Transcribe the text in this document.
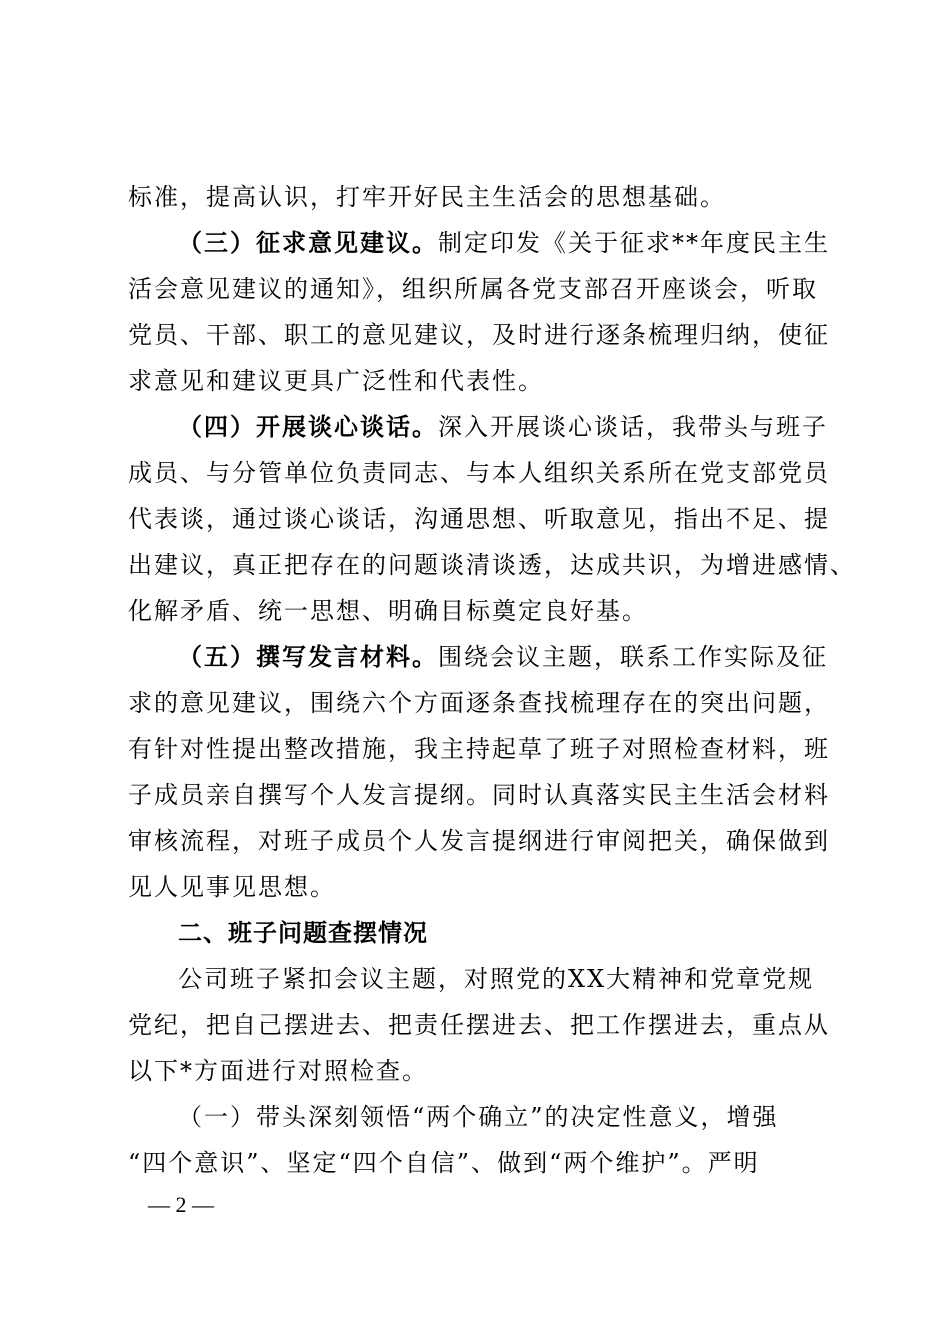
标准，提高认识，打牢开好民主生活会的思想基础。
（三）征求意见建议。制定印发《关于征求**年度民主生
活会意见建议的通知》，组织所属各党支部召开座谈会，听取
党员、干部、职工的意见建议，及时进行逐条梳理归纳，使征
求意见和建议更具广泛性和代表性。
（四）开展谈心谈话。深入开展谈心谈话，我带头与班子
成员、与分管单位负责同志、与本人组织关系所在党支部党员
代表谈，通过谈心谈话，沟通思想、听取意见，指出不足、提
出建议，真正把存在的问题谈清谈透，达成共识，为增进感情、
化解矛盾、统一思想、明确目标奠定良好基。
（五）撰写发言材料。围绕会议主题，联系工作实际及征
求的意见建议，围绕六个方面逐条查找梳理存在的突出问题，
有针对性提出整改措施，我主持起草了班子对照检查材料，班
子成员亲自撰写个人发言提纲。同时认真落实民主生活会材料
审核流程，对班子成员个人发言提纲进行审阅把关，确保做到
见人见事见思想。
二、班子问题查摆情况
公司班子紧扣会议主题，对照党的XX大精神和党章党规
党纪，把自己摆进去、把责任摆进去、把工作摆进去，重点从
以下*方面进行对照检查。
（一）带头深刻领悟“两个确立”的决定性意义，增强
“四个意识”、坚定“四个自信”、做到“两个维护”。严明
— 2 —
